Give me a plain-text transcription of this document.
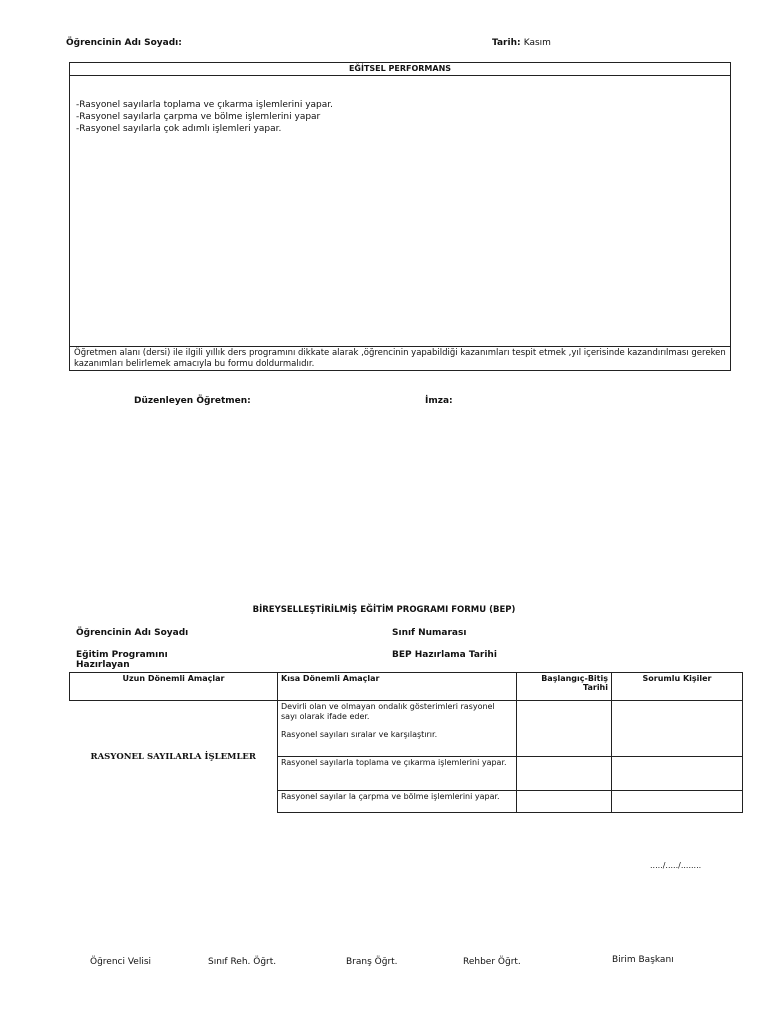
Öğrencinin Adı Soyadı:	Tarih: Kasım
EĞİTSEL PERFORMANS
-Rasyonel sayılarla toplama ve çıkarma işlemlerini yapar.
-Rasyonel sayılarla çarpma ve bölme işlemlerini yapar
-Rasyonel sayılarla çok adımlı işlemleri yapar.
Öğretmen alanı (dersi) ile ilgili yıllık ders programını dikkate alarak ,öğrencinin yapabildiği kazanımları tespit etmek ,yıl içerisinde kazandırılması gereken kazanımları belirlemek amacıyla bu formu doldurmalıdır.
Düzenleyen Öğretmen:	İmza:
BİREYSELLEŞTİRİLMİŞ EĞİTİM PROGRAMI FORMU (BEP)
Öğrencinin Adı Soyadı	Sınıf Numarası
Eğitim Programını
Hazırlayan
BEP Hazırlama Tarihi
Uzun Dönemli Amaçlar	Kısa Dönemli Amaçlar	Başlangıç-Bitiş Tarihi	Sorumlu Kişiler
RASYONEL SAYILARLA İŞLEMLER	Devirli olan ve olmayan ondalık gösterimleri rasyonel sayı olarak ifade eder.
Rasyonel sayıları sıralar ve karşılaştırır.		

	Rasyonel sayılarla toplama ve çıkarma işlemlerini yapar.		
	Rasyonel sayılar la çarpma ve bölme işlemlerini yapar.		
...../...../........
Öğrenci Velisi	Sınıf Reh. Öğrt.	Branş Öğrt.	Rehber Öğrt.	Birim Başkanı
